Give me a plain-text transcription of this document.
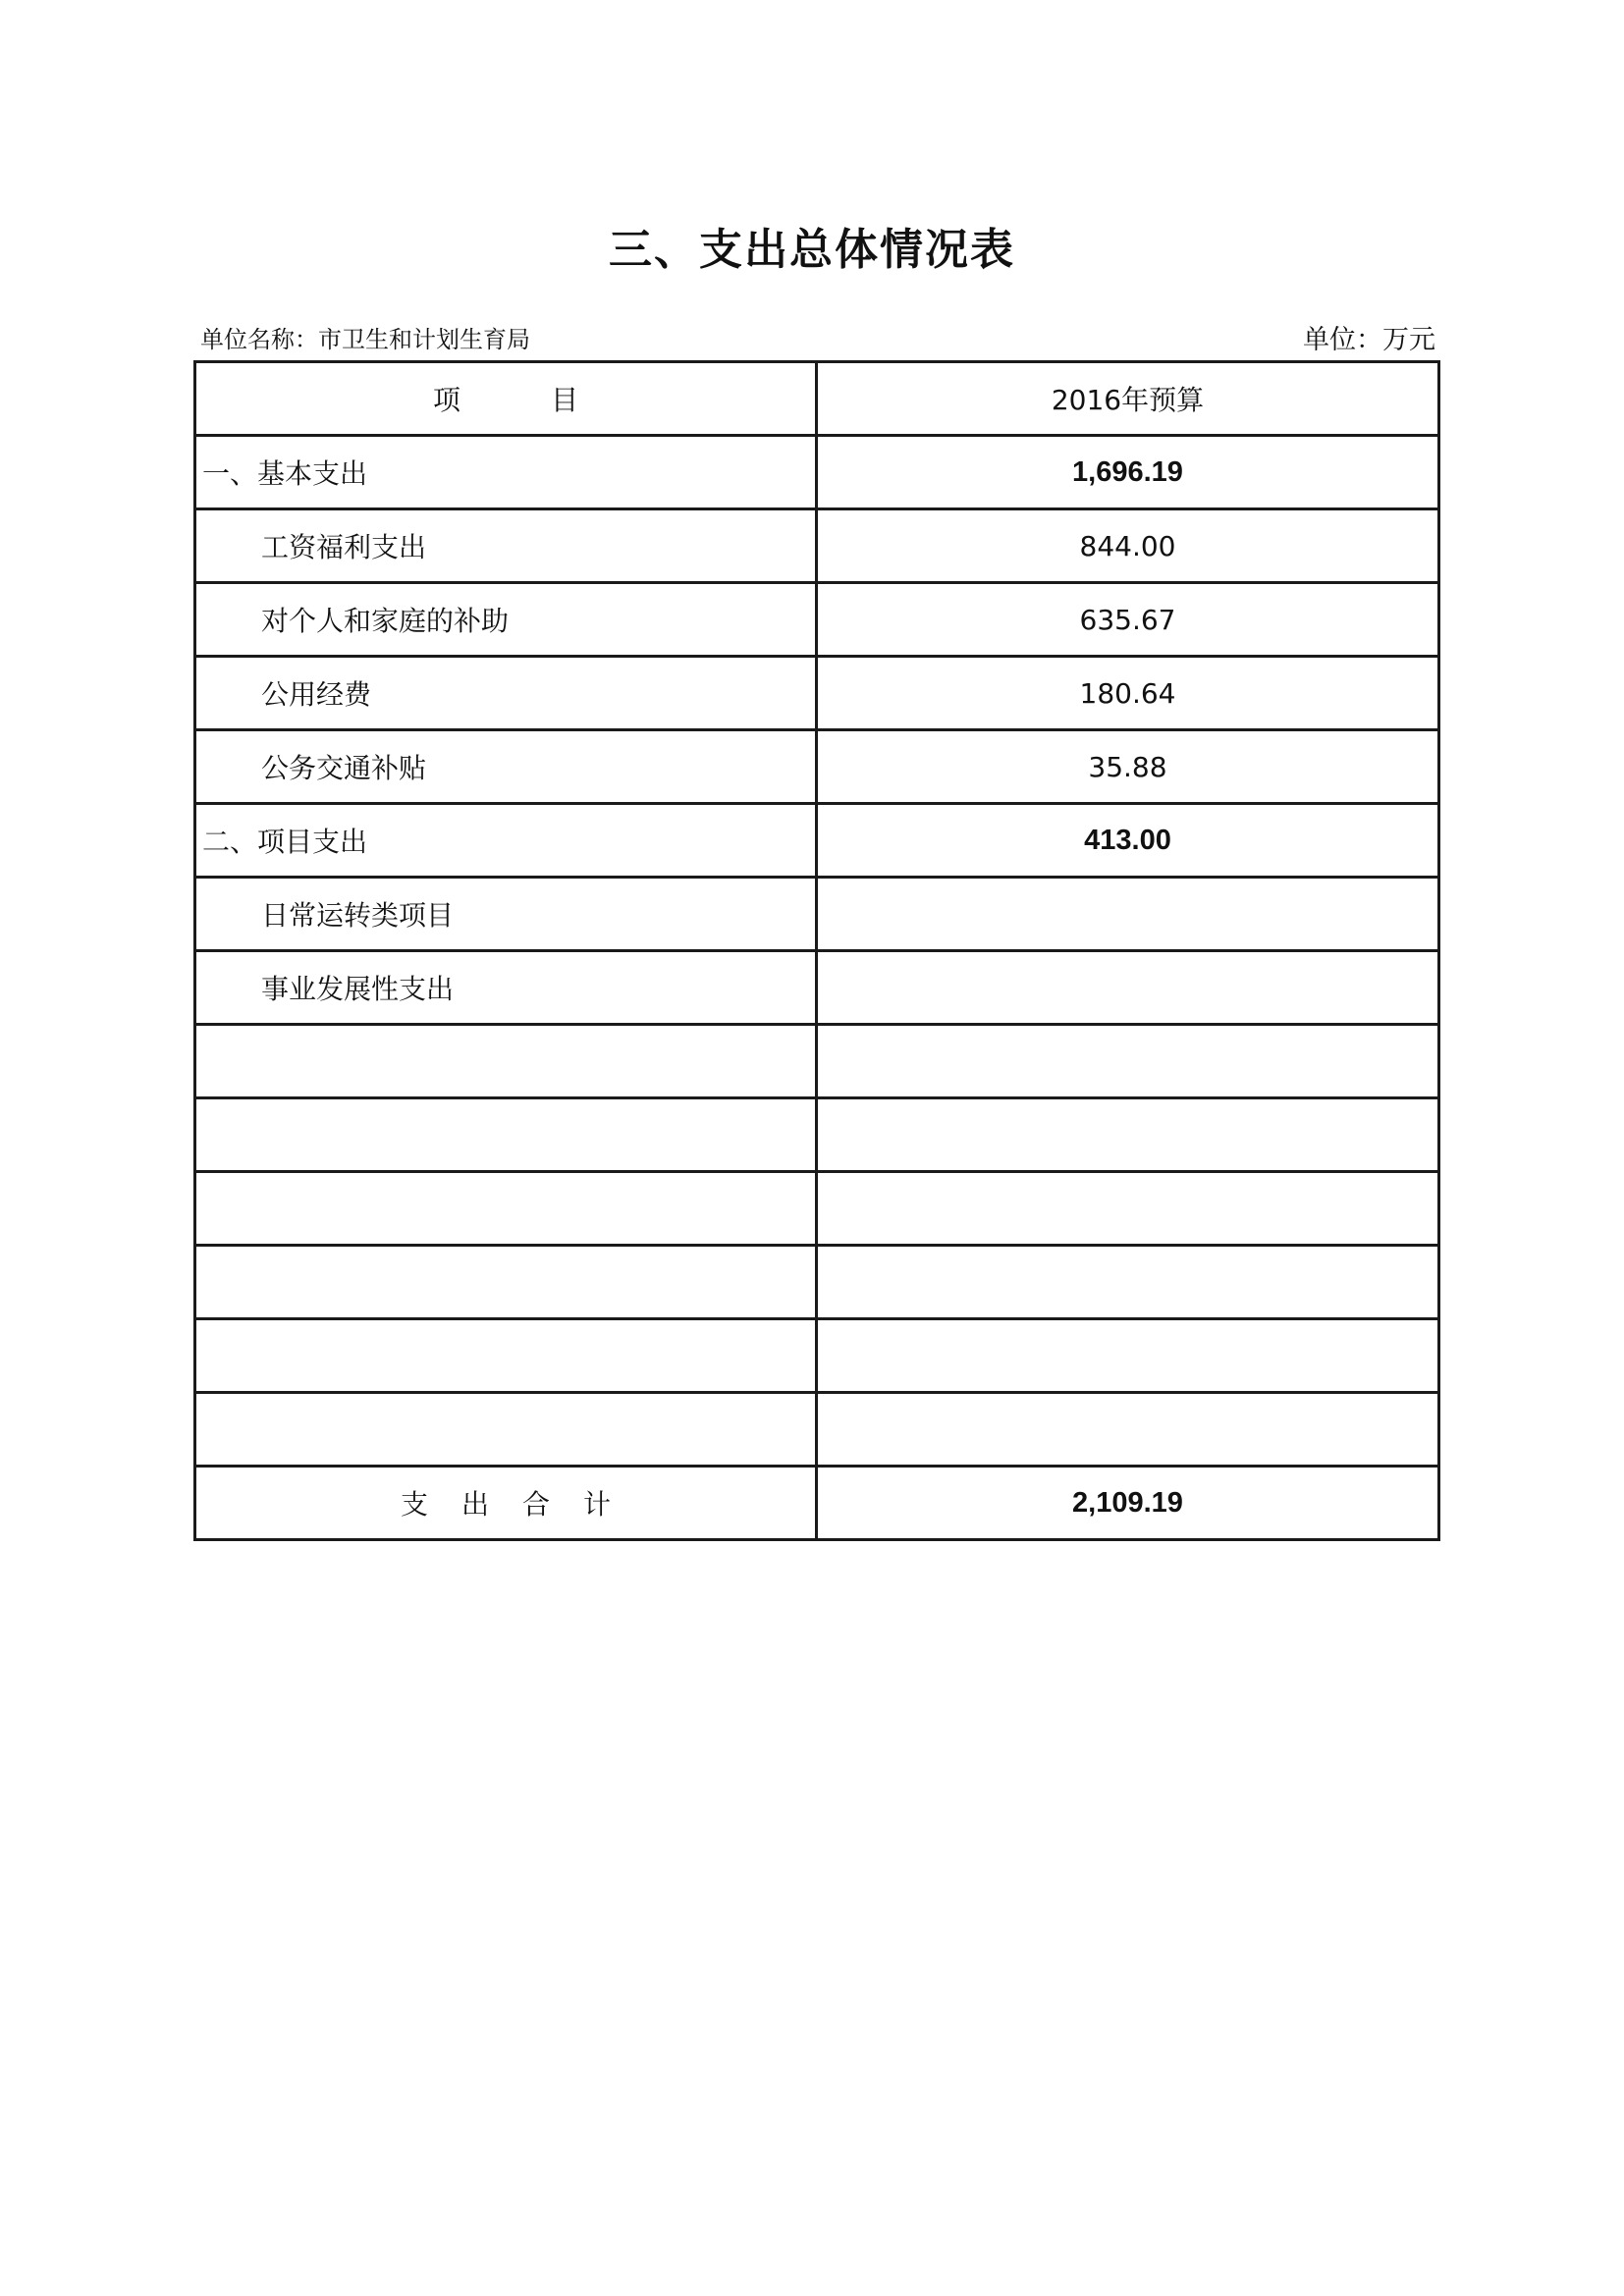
三、支出总体情况表
单位名称：市卫生和计划生育局	单位：万元
项 目	2016年预算
一、基本支出	1,696.19
工资福利支出	844.00
对个人和家庭的补助	635.67
公用经费	180.64
公务交通补贴	35.88
二、项目支出	413.00
日常运转类项目	
事业发展性支出	

支 出 合 计	2,109.19
